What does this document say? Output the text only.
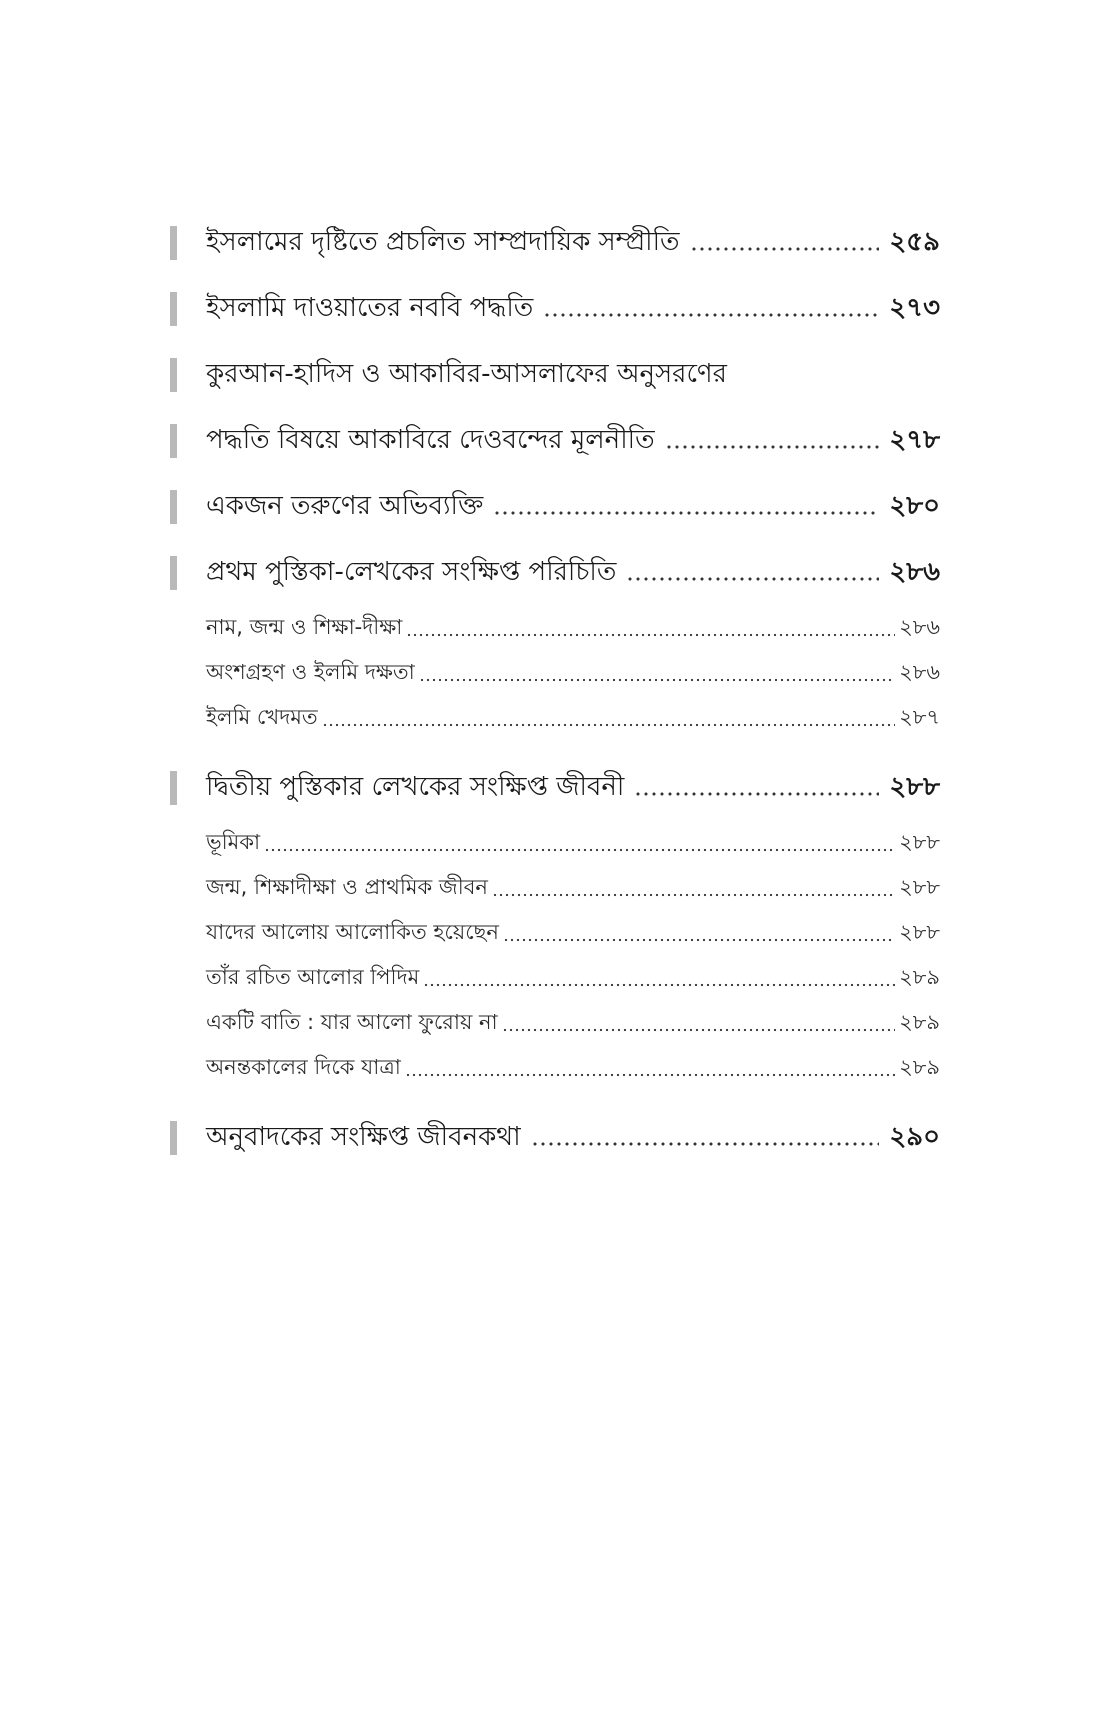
ইসলামের দৃষ্টিতে প্রচলিত সাম্প্রদায়িক সম্প্রীতি	২৫৯
ইসলামি দাওয়াতের নববি পদ্ধতি	২৭৩
কুরআন-হাদিস ও আকাবির-আসলাফের অনুসরণের
পদ্ধতি বিষয়ে আকাবিরে দেওবন্দের মূলনীতি	২৭৮
একজন তরুণের অভিব্যক্তি	২৮০
প্রথম পুস্তিকা-লেখকের সংক্ষিপ্ত পরিচিতি	২৮৬
নাম, জন্ম ও শিক্ষা-দীক্ষা	২৮৬
অংশগ্রহণ ও ইলমি দক্ষতা	২৮৬
ইলমি খেদমত	২৮৭
দ্বিতীয় পুস্তিকার লেখকের সংক্ষিপ্ত জীবনী	২৮৮
ভূমিকা	২৮৮
জন্ম, শিক্ষাদীক্ষা ও প্রাথমিক জীবন	২৮৮
যাদের আলোয় আলোকিত হয়েছেন	২৮৮
তাঁর রচিত আলোর পিদিম	২৮৯
একটি বাতি : যার আলো ফুরোয় না	২৮৯
অনন্তকালের দিকে যাত্রা	২৮৯
অনুবাদকের সংক্ষিপ্ত জীবনকথা	২৯০
